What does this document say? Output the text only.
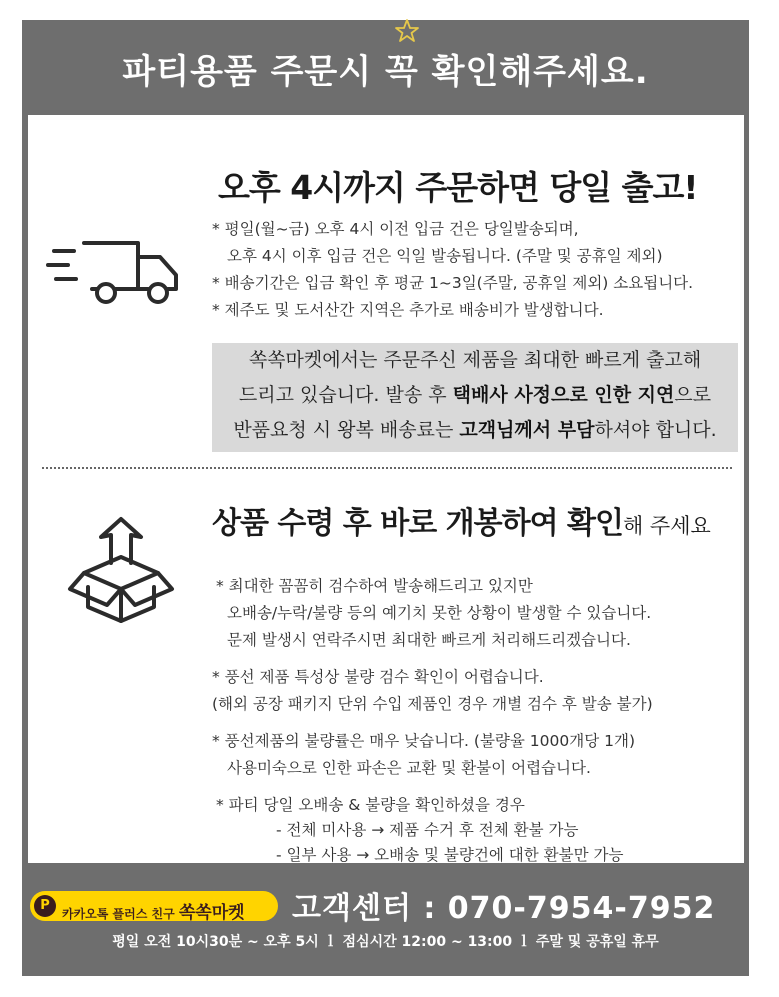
파티용품 주문시 꼭 확인해주세요.
오후 4시까지 주문하면 당일 출고!
* 평일(월~금) 오후 4시 이전 입금 건은 당일발송되며,
오후 4시 이후 입금 건은 익일 발송됩니다. (주말 및 공휴일 제외)
* 배송기간은 입금 확인 후 평균 1~3일(주말, 공휴일 제외) 소요됩니다.
* 제주도 및 도서산간 지역은 추가로 배송비가 발생합니다.

쏙쏙마켓에서는 주문주신 제품을 최대한 빠르게 출고해

드리고 있습니다. 발송 후 택배사 사정으로 인한 지연으로

반품요청 시 왕복 배송료는 고객님께서 부담하셔야 합니다.

상품 수령 후 바로 개봉하여 확인해 주세요
* 최대한 꼼꼼히 검수하여 발송해드리고 있지만
오배송/누락/불량 등의 예기치 못한 상황이 발생할 수 있습니다.
문제 발생시 연락주시면 최대한 빠르게 처리해드리겠습니다.
* 풍선 제품 특성상 불량 검수 확인이 어렵습니다.
(해외 공장 패키지 단위 수입 제품인 경우 개별 검수 후 발송 불가)
* 풍선제품의 불량률은 매우 낮습니다. (불량율 1000개당 1개)
사용미숙으로 인한 파손은 교환 및 환불이 어렵습니다.
* 파티 당일 오배송 & 불량을 확인하셨을 경우
- 전체 미사용 → 제품 수거 후 전체 환불 가능
- 일부 사용 → 오배송 및 불량건에 대한 환불만 가능
P
카카오톡 플러스 친구 쏙쏙마켓 고객센터 : 070-7954-7952
평일 오전 10시30분 ~ 오후 5시 ｌ 점심시간 12:00 ~ 13:00 ｌ 주말 및 공휴일 휴무
